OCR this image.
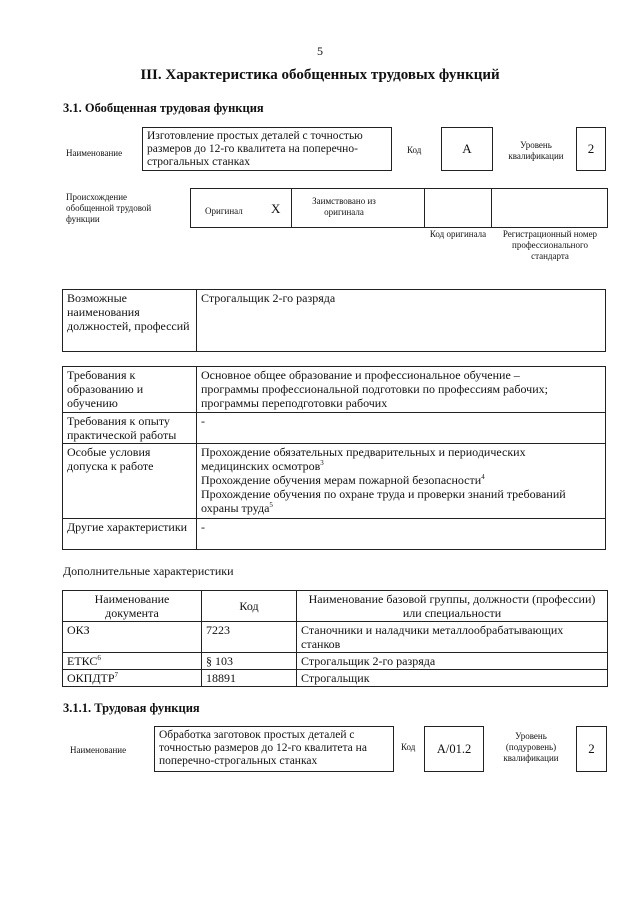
5
III. Характеристика обобщенных трудовых функций
3.1. Обобщенная трудовая функция
Наименование
Изготовление простых деталей с точностью размеров до 12-го квалитета на поперечно-строгальных станках
Код	А	Уровень квалификации	2
Происхождение обобщенной трудовой функции
Оригинал X	Заимствовано из оригинала
Код оригинала	Регистрационный номер профессионального стандарта
Возможные наименования должностей, профессий	Строгальщик 2-го разряда
Требования к образованию и обучению	Основное общее образование и профессиональное обучение –
программы профессиональной подготовки по профессиям рабочих;
программы переподготовки рабочих

Требования к опыту практической работы	-
Особые условия допуска к работе	Прохождение обязательных предварительных и периодических
медицинских осмотров$^3$
Прохождение обучения мерам пожарной безопасности$^4$
Прохождение обучения по охране труда и проверки знаний требований
охраны труда$^5$

Другие характеристики	-
Дополнительные характеристики
Наименование документа	Код	Наименование базовой группы, должности (профессии) или специальности
ОКЗ	7223	Станочники и наладчики металлообрабатывающих станков
ЕТКС$^6$	§ 103	Строгальщик 2-го разряда
ОКПДТР$^7$	18891	Строгальщик
3.1.1. Трудовая функция
Наименование
Обработка заготовок простых деталей с точностью размеров до 12-го квалитета на поперечно-строгальных станках
Код	A/01.2
Уровень (подуровень) квалификации
2
